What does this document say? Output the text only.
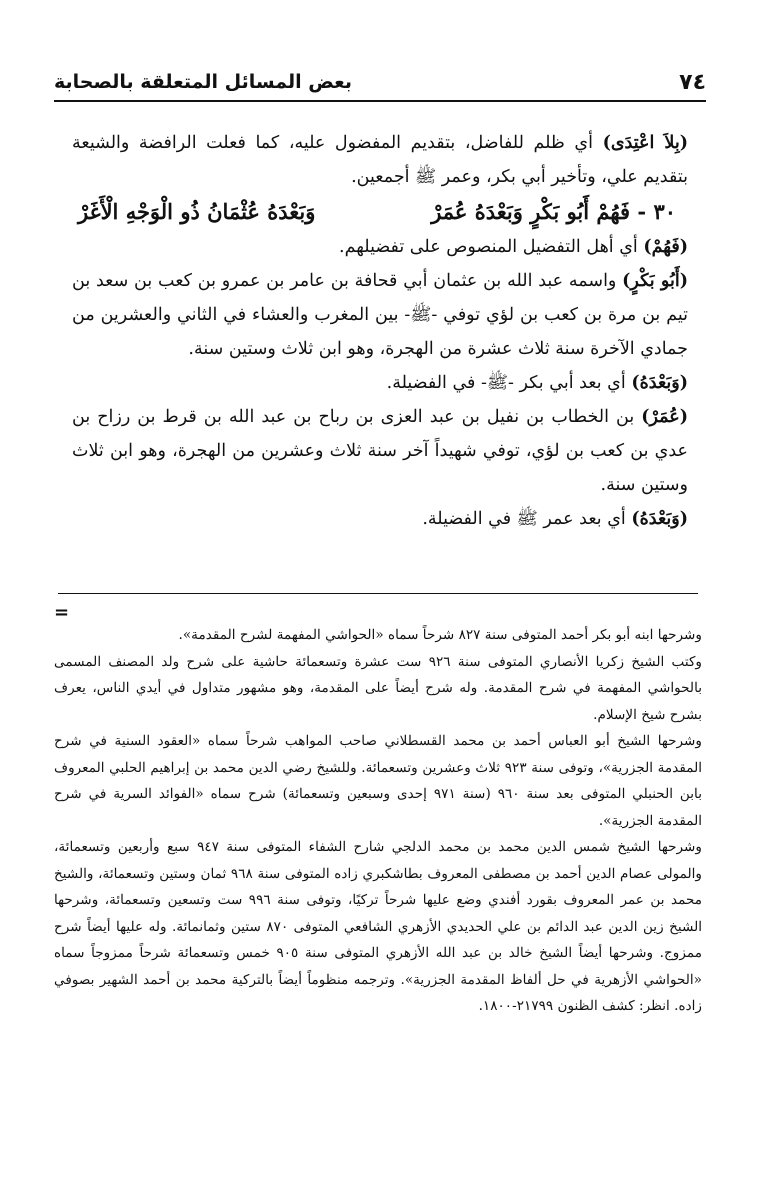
٧٤
بعض المسائل المتعلقة بالصحابة

(بِلاَ اعْتِدَى) أي ظلم للفاضل، بتقديم المفضول عليه، كما فعلت الرافضة والشيعة بتقديم علي، وتأخير أبي بكر، وعمر ﷺ أجمعين.

٣٠ - فَهُمْ أَبُو بَكْرٍ وَبَعْدَهُ عُمَرْ
وَبَعْدَهُ عُثْمَانُ ذُو الْوَجْهِ الْأَغَرْ

(فَهُمْ) أي أهل التفضيل المنصوص على تفضيلهم.

(أَبُو بَكْرٍ) واسمه عبد الله بن عثمان أبي قحافة بن عامر بن عمرو بن كعب بن سعد بن تيم بن مرة بن كعب بن لؤي توفي -ﷺ- بين المغرب والعشاء في الثاني والعشرين من جمادي الآخرة سنة ثلاث عشرة من الهجرة، وهو ابن ثلاث وستين سنة.

(وَبَعْدَهُ) أي بعد أبي بكر -ﷺ- في الفضيلة.

(عُمَرْ) بن الخطاب بن نفيل بن عبد العزى بن رباح بن عبد الله بن قرط بن رزاح بن عدي بن كعب بن لؤي، توفي شهيداً آخر سنة ثلاث وعشرين من الهجرة، وهو ابن ثلاث وستين سنة.

(وَبَعْدَهُ) أي بعد عمر ﷺ في الفضيلة.

=

وشرحها ابنه أبو بكر أحمد المتوفى سنة ٨٢٧ شرحاً سماه «الحواشي المفهمة لشرح المقدمة».

وكتب الشيخ زكريا الأنصاري المتوفى سنة ٩٢٦ ست عشرة وتسعمائة حاشية على شرح ولد المصنف المسمى بالحواشي المفهمة في شرح المقدمة. وله شرح أيضاً على المقدمة، وهو مشهور متداول في أيدي الناس، يعرف بشرح شيخ الإسلام.

وشرحها الشيخ أبو العباس أحمد بن محمد القسطلاني صاحب المواهب شرحاً سماه «العقود السنية في شرح المقدمة الجزرية»، وتوفى سنة ٩٢٣ ثلاث وعشرين وتسعمائة. وللشيخ رضي الدين محمد بن إبراهيم الحلبي المعروف بابن الحنبلي المتوفى بعد سنة ٩٦٠ (سنة ٩٧١ إحدى وسبعين وتسعمائة) شرح سماه «الفوائد السرية في شرح المقدمة الجزرية».

وشرحها الشيخ شمس الدين محمد بن محمد الدلجي شارح الشفاء المتوفى سنة ٩٤٧ سبع وأربعين وتسعمائة، والمولى عصام الدين أحمد بن مصطفى المعروف بطاشكبري زاده المتوفى سنة ٩٦٨ ثمان وستين وتسعمائة، والشيخ محمد بن عمر المعروف بقورد أفندي وضع عليها شرحاً تركيًا، وتوفى سنة ٩٩٦ ست وتسعين وتسعمائة، وشرحها الشيخ زين الدين عبد الدائم بن علي الحديدي الأزهري الشافعي المتوفى ٨٧٠ ستين وثمانمائة. وله عليها أيضاً شرح ممزوج. وشرحها أيضاً الشيخ خالد بن عبد الله الأزهري المتوفى سنة ٩٠٥ خمس وتسعمائة شرحاً ممزوجاً سماه «الحواشي الأزهرية في حل ألفاظ المقدمة الجزرية». وترجمه منظوماً أيضاً بالتركية محمد بن أحمد الشهير بصوفي زاده. انظر: كشف الظنون ٢١٧٩٩-١٨٠٠.
